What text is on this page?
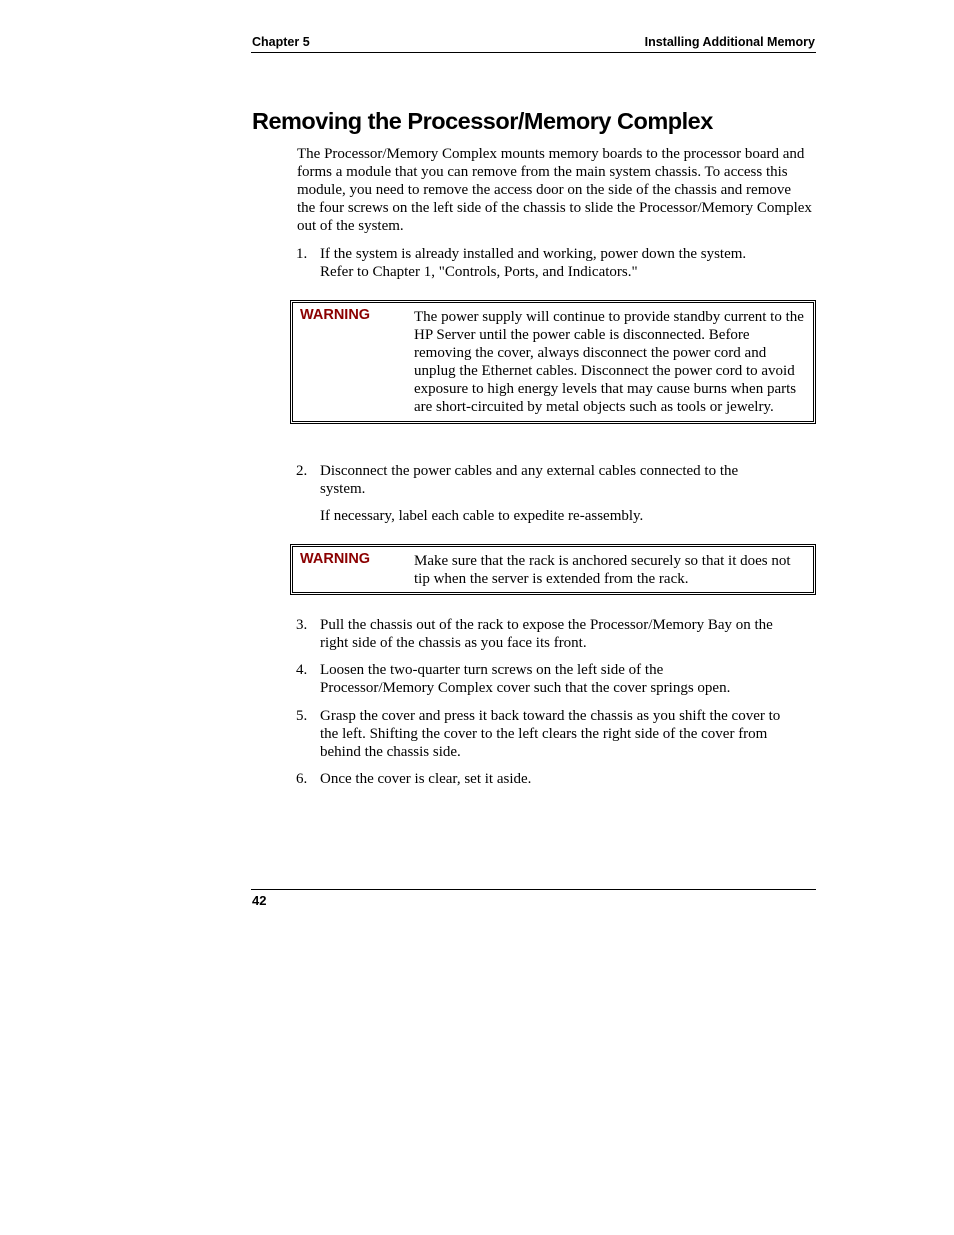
Chapter 5	Installing Additional Memory
Removing the Processor/Memory Complex

The Processor/Memory Complex mounts memory boards to the processor board and forms a module that you can remove from the main system chassis. To access this module, you need to remove the access door on the side of the chassis and remove the four screws on the left side of the chassis to slide the Processor/Memory Complex out of the system.

1. If the system is already installed and working, power down the system. Refer to Chapter 1, "Controls, Ports, and Indicators."
WARNING	The power supply will continue to provide standby current to the HP Server until the power cable is disconnected. Before removing the cover, always disconnect the power cord and unplug the Ethernet cables. Disconnect the power cord to avoid exposure to high energy levels that may cause burns when parts are short-circuited by metal objects such as tools or jewelry.
2. Disconnect the power cables and any external cables connected to the system.

If necessary, label each cable to expedite re-assembly.

WARNING	Make sure that the rack is anchored securely so that it does not tip when the server is extended from the rack.
3. Pull the chassis out of the rack to expose the Processor/Memory Bay on the right side of the chassis as you face its front.
4. Loosen the two-quarter turn screws on the left side of the Processor/Memory Complex cover such that the cover springs open.
5. Grasp the cover and press it back toward the chassis as you shift the cover to the left. Shifting the cover to the left clears the right side of the cover from behind the chassis side.
6. Once the cover is clear, set it aside.
42
